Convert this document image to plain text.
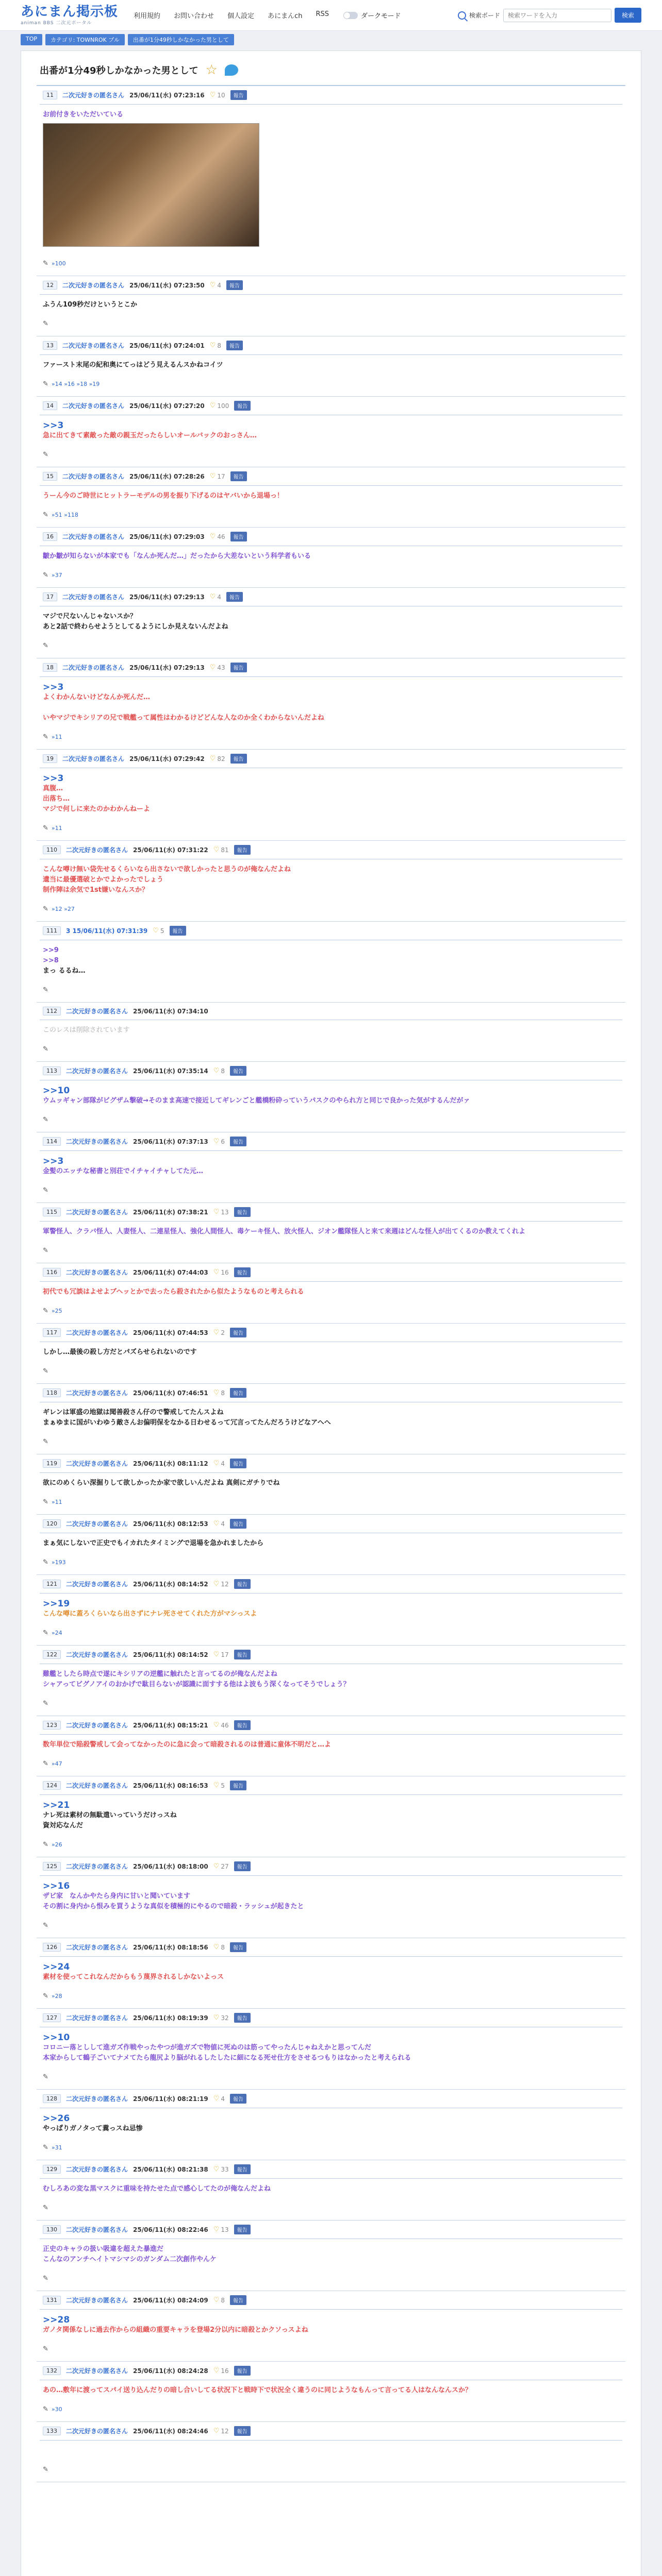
あにまん掲示板
animan BBS 二次元ポータル
利用規約 お問い合わせ 個人設定 あにまんch RSS	ダークモード	検索ボード
検索ワードを入力	検索
TOP	カテゴリ: TOWNROK プル	出番が1分49秒しかなかった男として
出番が1分49秒しかなかった男として ☆
11	二次元好きの匿名さん 25/06/11(水) 07:23:16 ♡ 10	報告
お前付きをいただいている
✎ »100
12	二次元好きの匿名さん 25/06/11(水) 07:23:50 ♡ 4	報告
ふうん109秒だけというとこか
✎
13	二次元好きの匿名さん 25/06/11(水) 07:24:01 ♡ 8	報告
ファースト末尾の紀和奥にてっはどう見えるんスかねコイツ
✎ »14 »16 »18 »19
14	二次元好きの匿名さん 25/06/11(水) 07:27:20 ♡ 100	報告
>>3
急に出てきて素敵った敵の親玉だったらしいオールバックのおっさん…
✎
15	二次元好きの匿名さん 25/06/11(水) 07:28:26 ♡ 17	報告
うーん今のご時世にヒットラーモデルの男を振り下げるのはヤバいから退場っ！
✎ »51 »118
16	二次元好きの匿名さん 25/06/11(水) 07:29:03 ♡ 46	報告
皺か皺が知らないが本家でも「なんか死んだ…」だったから大差ないという科学者もいる
✎ »37
17	二次元好きの匿名さん 25/06/11(水) 07:29:13 ♡ 4	報告
マジで尺ないんじゃないスか？
あと2話で終わらせようとしてるようにしか見えないんだよね
✎
18	二次元好きの匿名さん 25/06/11(水) 07:29:13 ♡ 43	報告
>>3
よくわかんないけどなんか死んだ…

いやマジでキシリアの兄で戦艦って属性はわかるけどどんな人なのか全くわからないんだよね
✎ »11
19	二次元好きの匿名さん 25/06/11(水) 07:29:42 ♡ 82	報告
>>3
真腹…
出落ち…
マジで何しに来たのかわかんねーよ
✎ »11
110	二次元好きの匿名さん 25/06/11(水) 07:31:22 ♡ 81	報告
こんな噂け無い袋先せるくらいなら出さないで欲しかったと思うのが俺なんだよね
遺当に最優選破とかでよかったでしょう
制作陣は余気で1st嫌いなんスか？
✎ »12 »27
111	3 15/06/11(水) 07:31:39 ♡ 5	報告
>>9
>>8
まっ るるね…
✎
112	二次元好きの匿名さん 25/06/11(水) 07:34:10
このレスは削除されています
✎
113	二次元好きの匿名さん 25/06/11(水) 07:35:14 ♡ 8	報告
>>10
ウムッギャン部隊がビグザム撃破→そのまま高速で接近してギレンごと艦橋粉砕っていうパスクのやられ方と同じで良かった気がするんだがァ
✎
114	二次元好きの匿名さん 25/06/11(水) 07:37:13 ♡ 6	報告
>>3
金髪のエッチな秘書と別荘でイチャイチャしてた元…
✎
115	二次元好きの匿名さん 25/06/11(水) 07:38:21 ♡ 13	報告
軍警怪人、クラバ怪人、人妻怪人、二連星怪人、強化人間怪人、毒ケーキ怪人、放火怪人、ジオン艦隊怪人と来て来週はどんな怪人が出てくるのか教えてくれよ
✎
116	二次元好きの匿名さん 25/06/11(水) 07:44:03 ♡ 16	報告
初代でも冗談はよせよブヘッとかで去ったら殺されたから似たようなものと考えられる
✎ »25
117	二次元好きの匿名さん 25/06/11(水) 07:44:53 ♡ 2	報告
しかし…最後の殺し方だとパズらせられないのです
✎
118	二次元好きの匿名さん 25/06/11(水) 07:46:51 ♡ 8	報告
ギレンは軍盛の地獄は聞善殺さん仔ので警戒してたんスよね
まぁゆまに国がいわゆう敵さんお偏明保をなかる日わせるって冗言ってたんだろうけどなアへへ
✎
119	二次元好きの匿名さん 25/06/11(水) 08:11:12 ♡ 4	報告
欲にのめくらい深掘りして欲しかったか家で欲しいんだよね 真剣にガチりでね
✎ »11
120	二次元好きの匿名さん 25/06/11(水) 08:12:53 ♡ 4	報告
まぁ気にしないで正史でもイカれたタイミングで退場を急かれましたから
✎ »193
121	二次元好きの匿名さん 25/06/11(水) 08:14:52 ♡ 12	報告
>>19
こんな噂に蓋ろくらいなら出さずにナレ死させてくれた方がマシっスよ
✎ »24
122	二次元好きの匿名さん 25/06/11(水) 08:14:52 ♡ 17	報告
難艦としたら時点で遂にキシリアの逆艦に触れたと言ってるのが俺なんだよね
シャアってビグノアイのおかげで駄目らないが認識に面すする他はよ波もう深くなってそうでしょう？
✎
123	二次元好きの匿名さん 25/06/11(水) 08:15:21 ♡ 46	報告
数年単位で陥殺警戒して会ってなかったのに急に会って暗殺されるのは普通に童体不明だと…よ
✎ »47
124	二次元好きの匿名さん 25/06/11(水) 08:16:53 ♡ 5	報告
>>21
ナレ死は素材の無駄遣いっていうだけっスね
資対応なんだ
✎ »26
125	二次元好きの匿名さん 25/06/11(水) 08:18:00 ♡ 27	報告
>>16
ザビ家　なんかやたら身内に甘いと聞いています
その割に身内から恨みを買うような真似を積極的にやるので暗殺・ラッシュが起きたと
✎
126	二次元好きの匿名さん 25/06/11(水) 08:18:56 ♡ 8	報告
>>24
素材を使ってこれなんだからもう蔑界されるしかないよっス
✎ »28
127	二次元好きの匿名さん 25/06/11(水) 08:19:39 ♡ 32	報告
>>10
コロニー落としして進ガズ作戦やったやつが進ガズで物値に死ぬのは筋ってやったんじゃねえかと思ってんだ
本家からして鶴子ごいてナメてたら龍尻より脳がれるしたしたに細になる死せ仕方をさせるつもりはなかったと考えられる
✎
128	二次元好きの匿名さん 25/06/11(水) 08:21:19 ♡ 4	報告
>>26
やっぱりガノタって糞っスね忌惨
✎ »31
129	二次元好きの匿名さん 25/06/11(水) 08:21:38 ♡ 33	報告
むしろあの変な黒マスクに重味を持たせた点で感心してたのが俺なんだよね
✎
130	二次元好きの匿名さん 25/06/11(水) 08:22:46 ♡ 13	報告
正史のキャラの扱い吸違を超えた暴進だ
こんなのアンチヘイトマシマシのガンダム二次創作やんケ
✎
131	二次元好きの匿名さん 25/06/11(水) 08:24:09 ♡ 8	報告
>>28
ガノタ関係なしに過去作からの組織の重要キャラを登場2分以内に暗殺とかクソっスよね
✎
132	二次元好きの匿名さん 25/06/11(水) 08:24:28 ♡ 16	報告
あの…敷年に渡ってスパイ送り込んだりの暗し合いしてる状況下と戦時下で状況全く違うのに同じようなもんって言ってる人はなんなんスか？
✎ »30
133	二次元好きの匿名さん 25/06/11(水) 08:24:46 ♡ 12	報告

✎
